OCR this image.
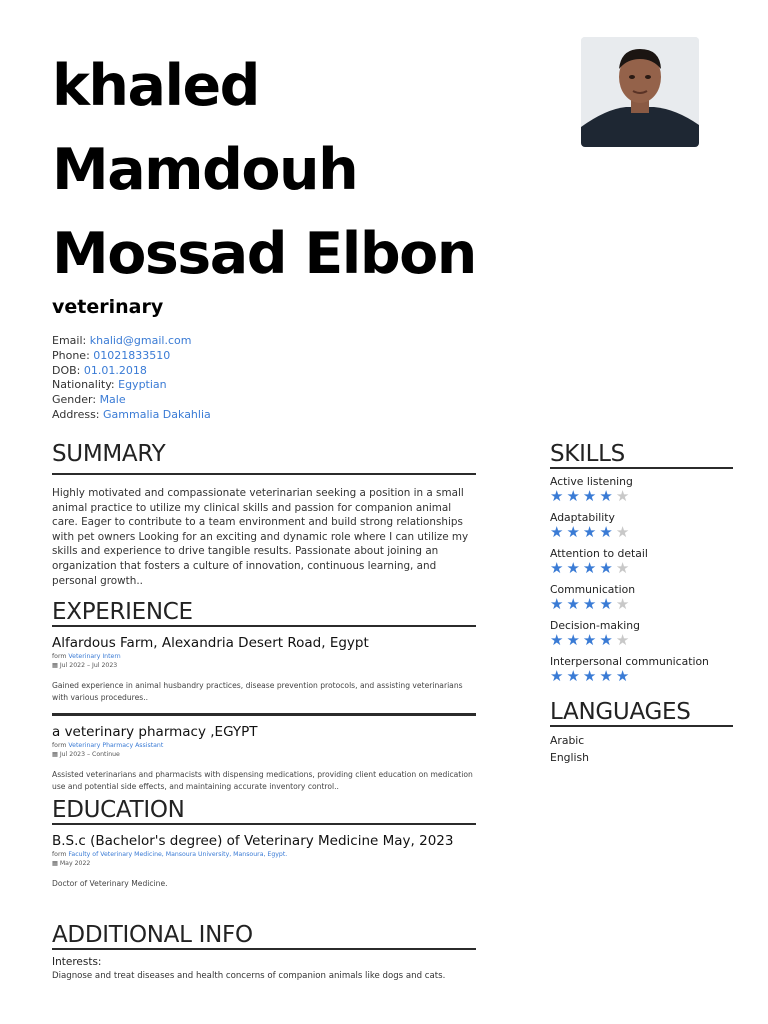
khaled
Mamdouh
Mossad Elbon
veterinary
Email: khalid@gmail.com
Phone: 01021833510
DOB: 01.01.2018
Nationality: Egyptian
Gender: Male
Address: Gammalia Dakahlia
SUMMARY

Highly motivated and compassionate veterinarian seeking a position in a small animal practice to utilize my clinical skills and passion for companion animal care. Eager to contribute to a team environment and build strong relationships with pet owners Looking for an exciting and dynamic role where I can utilize my skills and experience to drive tangible results. Passionate about joining an organization that fosters a culture of innovation, continuous learning, and personal growth..

EXPERIENCE
Alfardous Farm, Alexandria Desert Road, Egypt
form Veterinary Intern
▦ Jul 2022 – Jul 2023
Gained experience in animal husbandry practices, disease prevention protocols, and assisting veterinarians with various procedures..
a veterinary pharmacy ,EGYPT
form Veterinary Pharmacy Assistant
▦ Jul 2023 – Continue
Assisted veterinarians and pharmacists with dispensing medications, providing client education on medication use and potential side effects, and maintaining accurate inventory control..
EDUCATION
B.S.c (Bachelor's degree) of Veterinary Medicine May, 2023
form Faculty of Veterinary Medicine, Mansoura University, Mansoura, Egypt.
▦ May 2022
Doctor of Veterinary Medicine.
ADDITIONAL INFO
Interests:
Diagnose and treat diseases and health concerns of companion animals like dogs and cats.
SKILLS
Active listening
★★★★★
Adaptability
★★★★★
Attention to detail
★★★★★
Communication
★★★★★
Decision-making
★★★★★
Interpersonal communication
★★★★★
LANGUAGES
Arabic
English
